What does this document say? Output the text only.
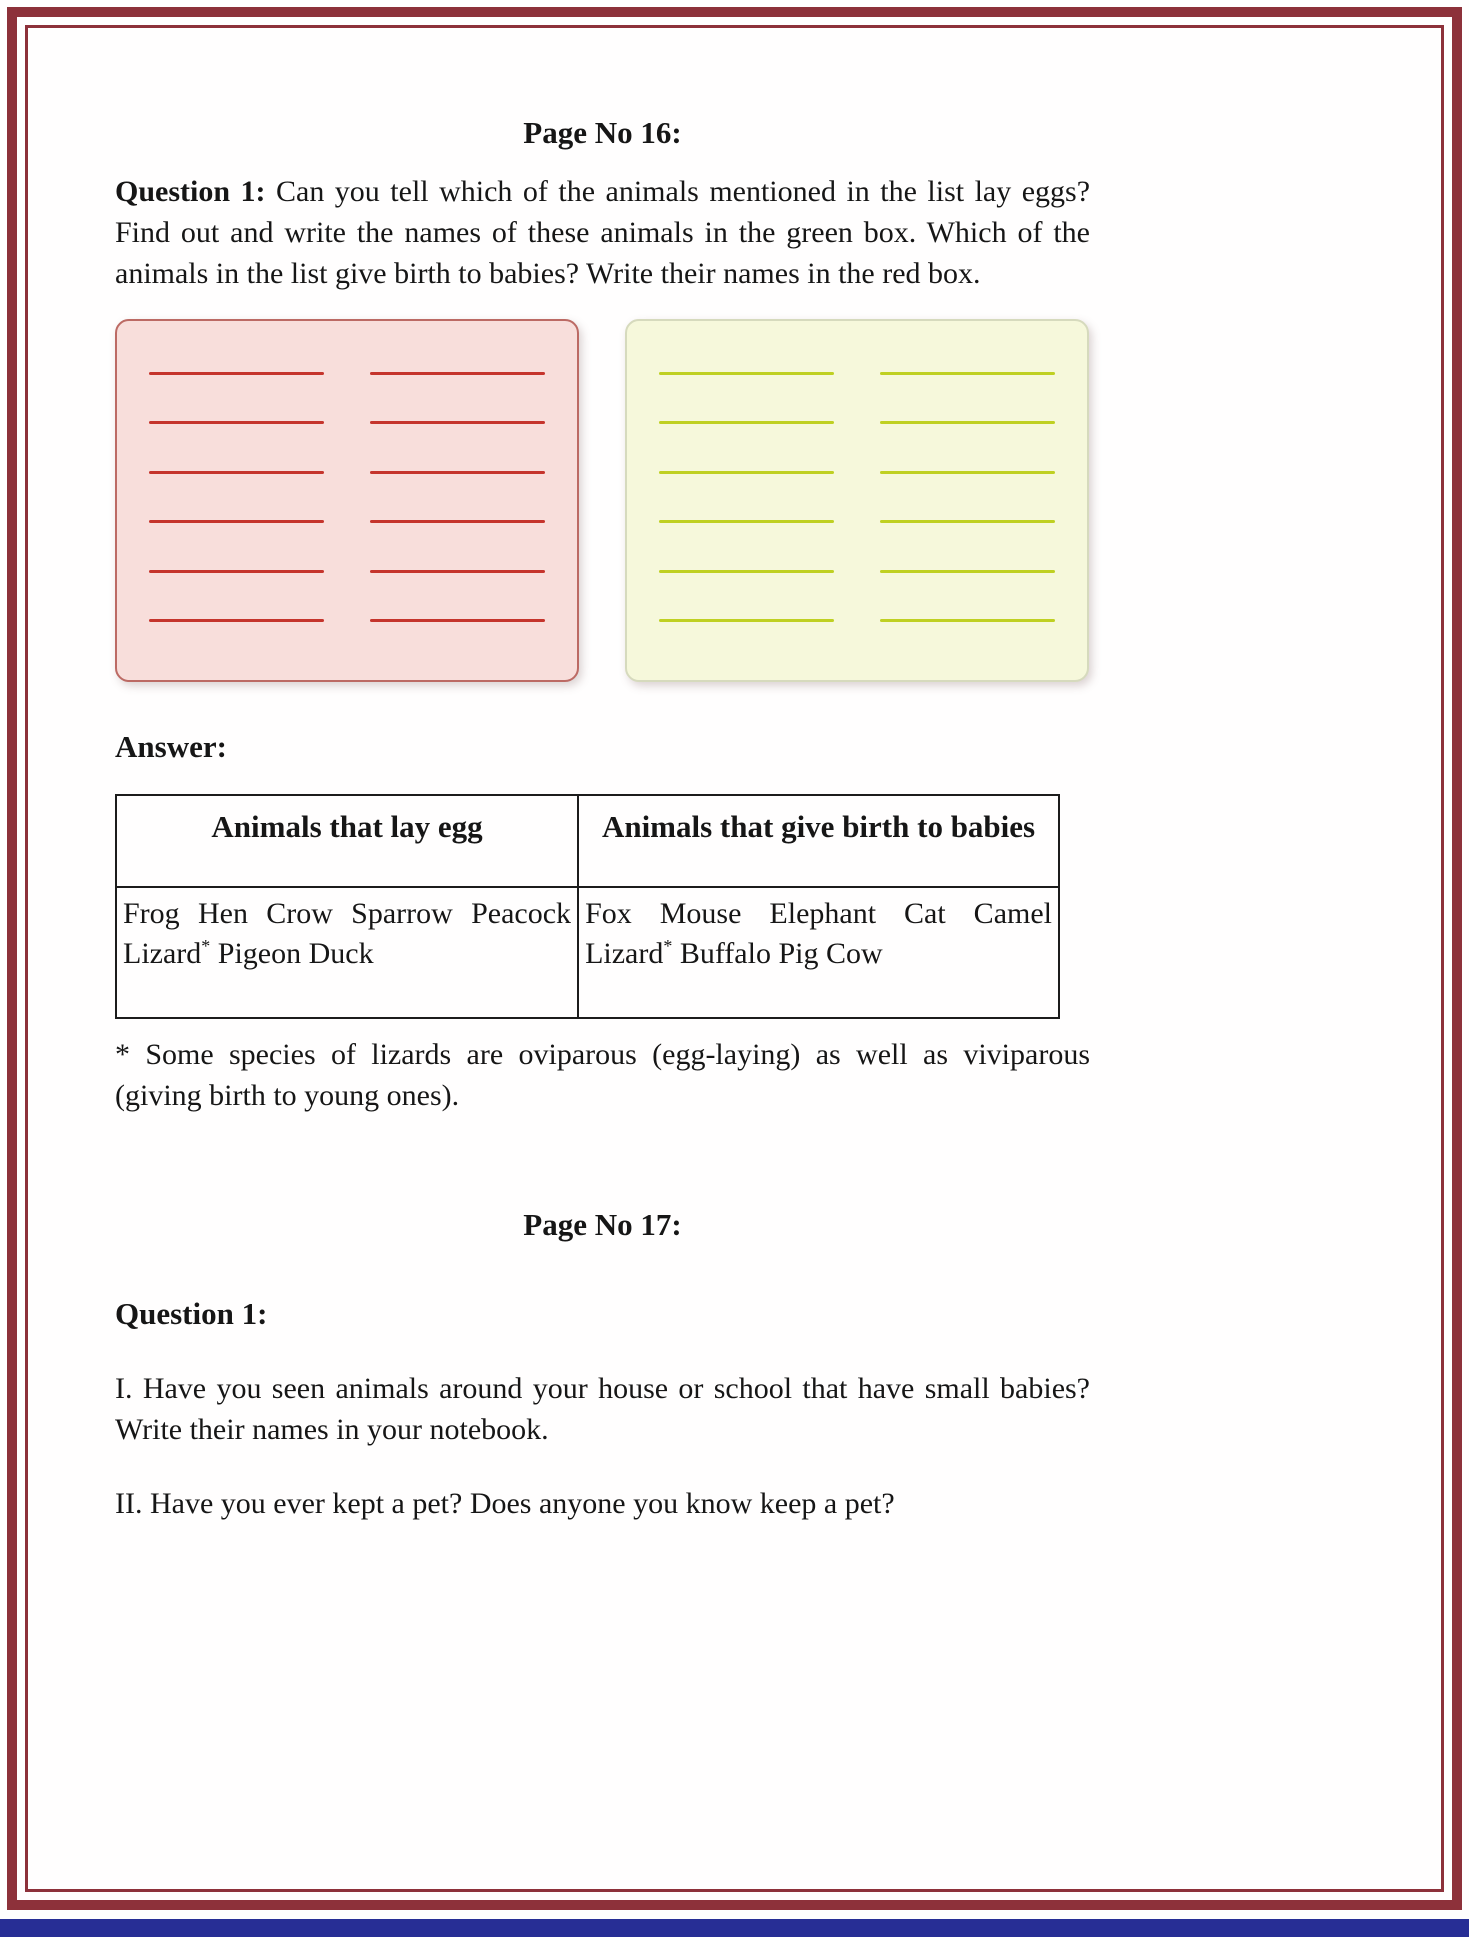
Page No 16:

Question 1: Can you tell which of the animals mentioned in the list lay eggs? Find out and write the names of these animals in the green box. Which of the animals in the list give birth to babies? Write their names in the red box.

Answer:
Animals that lay egg	Animals that give birth to babies
Frog Hen Crow Sparrow Peacock Lizard* Pigeon Duck	Fox Mouse Elephant Cat Camel Lizard* Buffalo Pig Cow

* Some species of lizards are oviparous (egg-laying) as well as viviparous (giving birth to young ones).

Page No 17:
Question 1:

I. Have you seen animals around your house or school that have small babies? Write their names in your notebook.

II. Have you ever kept a pet? Does anyone you know keep a pet?
